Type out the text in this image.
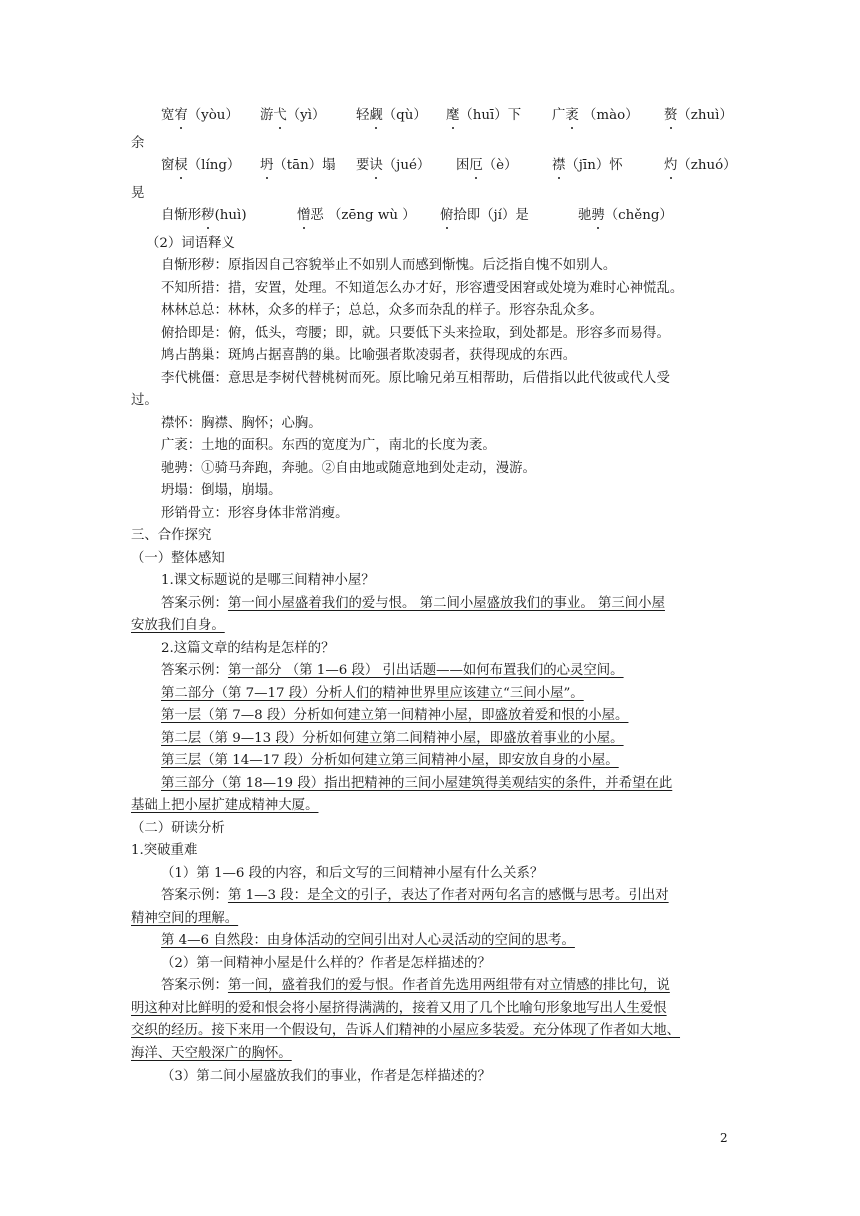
宽宥（yòu） 游弋（yì） 轻觑（qù） 麾（huī）下 广袤 （mào） 赘（zhuì）
余
窗棂（líng） 坍（tān）塌 要诀（jué） 困厄（è）	襟（jīn）怀	灼（zhuó）
晃
自惭形秽(huì)	憎恶 （zēng wù ） 俯拾即（jí）是	驰骋（chěng）
（2）词语释义
自惭形秽：原指因自己容貌举止不如别人而感到惭愧。后泛指自愧不如别人。
不知所措：措，安置，处理。不知道怎么办才好，形容遭受困窘或处境为难时心神慌乱。
林林总总：林林，众多的样子；总总，众多而杂乱的样子。形容杂乱众多。
俯拾即是：俯，低头，弯腰；即，就。只要低下头来捡取，到处都是。形容多而易得。
鸠占鹊巢：斑鸠占据喜鹊的巢。比喻强者欺凌弱者，获得现成的东西。
李代桃僵：意思是李树代替桃树而死。原比喻兄弟互相帮助，后借指以此代彼或代人受
过。
襟怀：胸襟、胸怀；心胸。
广袤：土地的面积。东西的宽度为广，南北的长度为袤。
驰骋：①骑马奔跑，奔驰。②自由地或随意地到处走动，漫游。
坍塌：倒塌，崩塌。
形销骨立：形容身体非常消瘦。
三、合作探究
（一）整体感知
1.课文标题说的是哪三间精神小屋？
答案示例：第一间小屋盛着我们的爱与恨。 第二间小屋盛放我们的事业。 第三间小屋
安放我们自身。
2.这篇文章的结构是怎样的？
答案示例：第一部分 （第 1—6 段） 引出话题——如何布置我们的心灵空间。
第二部分（第 7—17 段）分析人们的精神世界里应该建立“三间小屋”。
第一层（第 7—8 段）分析如何建立第一间精神小屋，即盛放着爱和恨的小屋。
第二层（第 9—13 段）分析如何建立第二间精神小屋，即盛放着事业的小屋。
第三层（第 14—17 段）分析如何建立第三间精神小屋，即安放自身的小屋。
第三部分（第 18—19 段）指出把精神的三间小屋建筑得美观结实的条件，并希望在此
基础上把小屋扩建成精神大厦。
（二）研读分析
1.突破重难
（1）第 1—6 段的内容，和后文写的三间精神小屋有什么关系？
答案示例：第 1—3 段：是全文的引子，表达了作者对两句名言的感慨与思考。引出对
精神空间的理解。
第 4—6 自然段：由身体活动的空间引出对人心灵活动的空间的思考。
（2）第一间精神小屋是什么样的？作者是怎样描述的？
答案示例：第一间，盛着我们的爱与恨。作者首先选用两组带有对立情感的排比句，说
明这种对比鲜明的爱和恨会将小屋挤得满满的，接着又用了几个比喻句形象地写出人生爱恨
交织的经历。接下来用一个假设句，告诉人们精神的小屋应多装爱。充分体现了作者如大地、
海洋、天空般深广的胸怀。
（3）第二间小屋盛放我们的事业，作者是怎样描述的？
2
